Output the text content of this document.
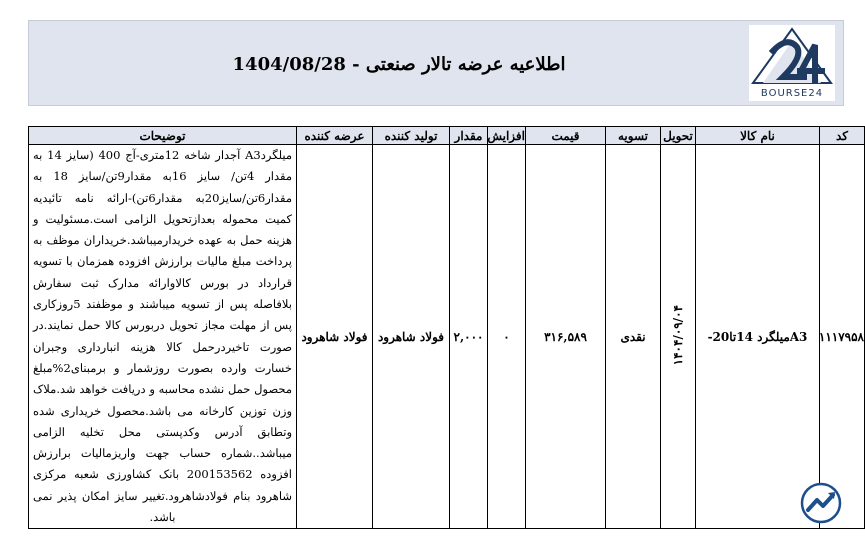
اطلاعیه عرضه تالار صنعتی - 1404/08/28
BOURSE24
کد	نام کالا	تحویل	تسویه	قیمت	افزایش	مقدار	تولید کننده	عرضه کننده	توضیحات
۱۱۱۷۹۵۸	A3میلگرد 14تا20-	۱۴۰۴/۰۹/۰۴	نقدی	۳۱۶,۵۸۹	۰	۲,۰۰۰	فولاد شاهرود	فولاد شاهرود	میلگردA3 آجدار شاخه 12متری-آج 400 (سایز 14 به مقدار 4تن/ سایز 16به مقدار9تن/سایز 18 به مقدار6تن/سایز20به مقدار6تن)-ارائه نامه تائیدیه کمیت محموله بعدازتحویل الزامی است.مسئولیت و هزینه حمل به عهده خریدارمیباشد.خریداران موظف به پرداخت مبلغ مالیات برارزش افزوده همزمان با تسویه قرارداد در بورس کالاوارائه مدارک ثبت سفارش بلافاصله پس از تسویه میباشند و موظفند 5روزکاری پس از مهلت مجاز تحویل دربورس کالا حمل نمایند.در صورت تاخیردرحمل کالا هزینه انبارداری وجبران خسارت وارده بصورت روزشمار و برمبنای2%مبلغ محصول حمل نشده محاسبه و دریافت خواهد شد.ملاک وزن توزین کارخانه می باشد.محصول خریداری شده وتطابق آدرس وکدپستی محل تخلیه الزامی میباشد..شماره حساب جهت واریزمالیات برارزش افزوده 200153562 بانک کشاورزی شعبه مرکزی شاهرود بنام فولادشاهرود.تغییر سایز امکان پذیر نمی باشد.
